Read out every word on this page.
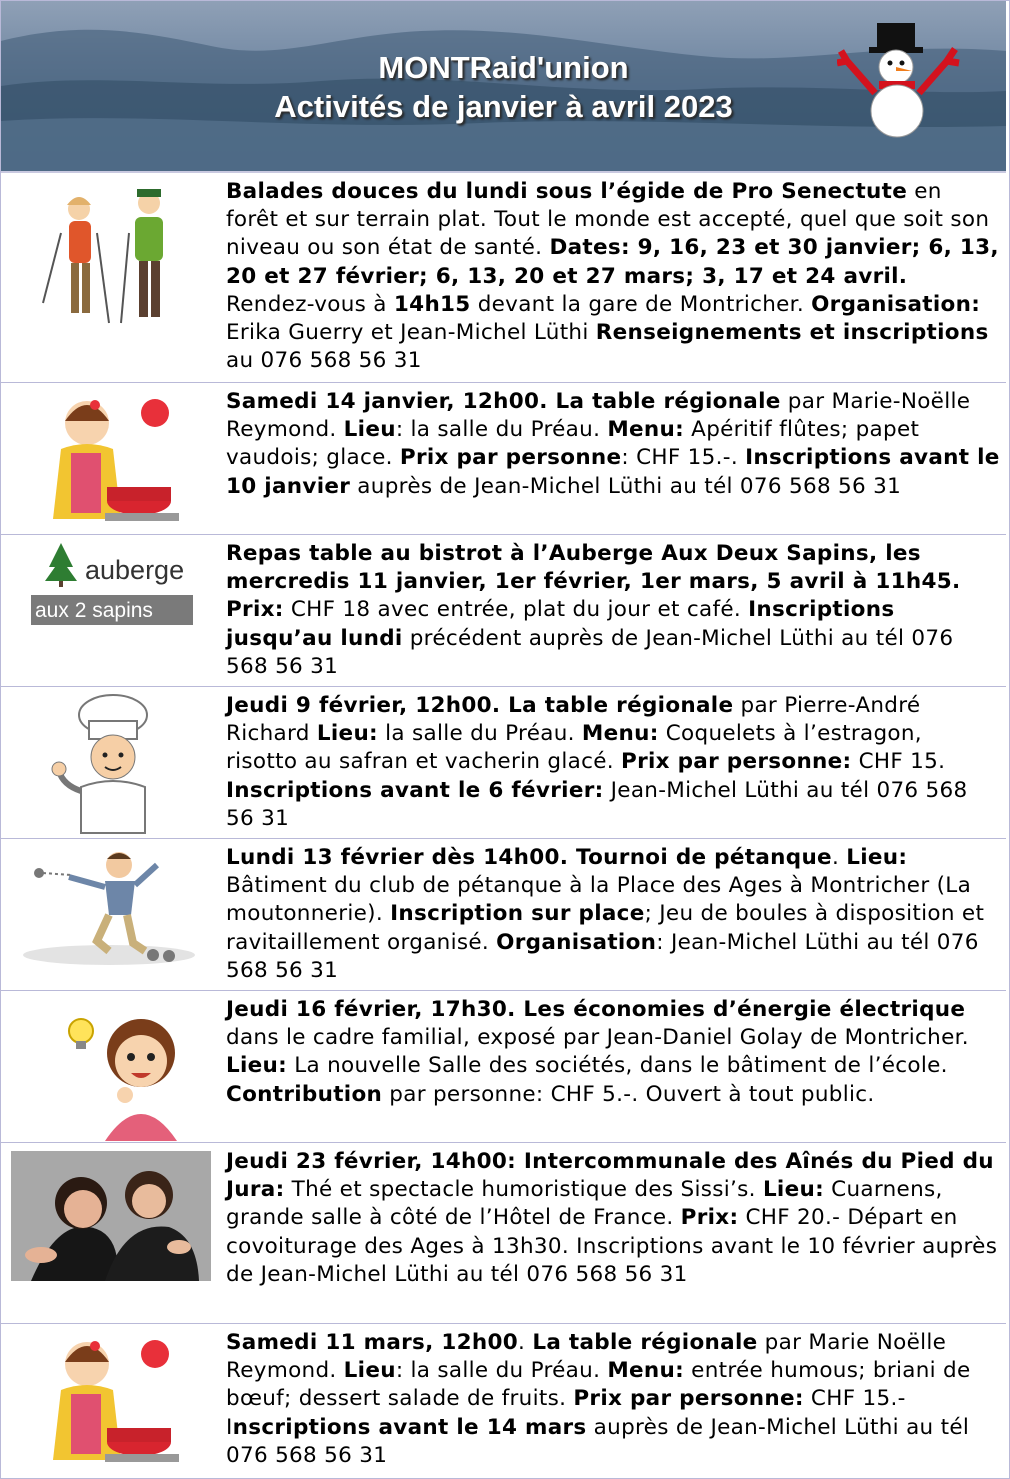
MONTRaid'union
Activités de janvier à avril 2023
Balades douces du lundi sous l’égide de Pro Senectute en forêt et sur terrain plat. Tout le monde est accepté, quel que soit son niveau ou son état de santé. Dates: 9, 16, 23 et 30 janvier; 6, 13, 20 et 27 février; 6, 13, 20 et 27 mars; 3, 17 et 24 avril. Rendez-vous à 14h15 devant la gare de Montricher. Organisation: Erika Guerry et Jean-Michel Lüthi Renseignements et inscriptions au 076 568 56 31
Samedi 14 janvier, 12h00. La table régionale par Marie-Noëlle Reymond. Lieu: la salle du Préau. Menu: Apéritif flûtes; papet vaudois; glace. Prix par personne: CHF 15.-. Inscriptions avant le 10 janvier auprès de Jean-Michel Lüthi au tél 076 568 56 31
auberge
aux 2 sapins
Repas table au bistrot à l’Auberge Aux Deux Sapins, les mercredis 11 janvier, 1er février, 1er mars, 5 avril à 11h45. Prix: CHF 18 avec entrée, plat du jour et café. Inscriptions jusqu’au lundi précédent auprès de Jean-Michel Lüthi au tél 076 568 56 31
Jeudi 9 février, 12h00. La table régionale par Pierre-André Richard Lieu: la salle du Préau. Menu: Coquelets à l’estragon, risotto au safran et vacherin glacé. Prix par personne: CHF 15. Inscriptions avant le 6 février: Jean-Michel Lüthi au tél 076 568 56 31
Lundi 13 février dès 14h00. Tournoi de pétanque. Lieu: Bâtiment du club de pétanque à la Place des Ages à Montricher (La moutonnerie). Inscription sur place; Jeu de boules à disposition et ravitaillement organisé. Organisation: Jean-Michel Lüthi au tél 076 568 56 31
Jeudi 16 février, 17h30. Les économies d’énergie électrique dans le cadre familial, exposé par Jean-Daniel Golay de Montricher. Lieu: La nouvelle Salle des sociétés, dans le bâtiment de l’école. Contribution par personne: CHF 5.-. Ouvert à tout public.
Jeudi 23 février, 14h00: Intercommunale des Aînés du Pied du Jura: Thé et spectacle humoristique des Sissi’s. Lieu: Cuarnens, grande salle à côté de l’Hôtel de France. Prix: CHF 20.- Départ en covoiturage des Ages à 13h30. Inscriptions avant le 10 février auprès de Jean-Michel Lüthi au tél 076 568 56 31
Samedi 11 mars, 12h00. La table régionale par Marie Noëlle Reymond. Lieu: la salle du Préau. Menu: entrée humous; briani de bœuf; dessert salade de fruits. Prix par personne: CHF 15.- Inscriptions avant le 14 mars auprès de Jean-Michel Lüthi au tél 076 568 56 31
